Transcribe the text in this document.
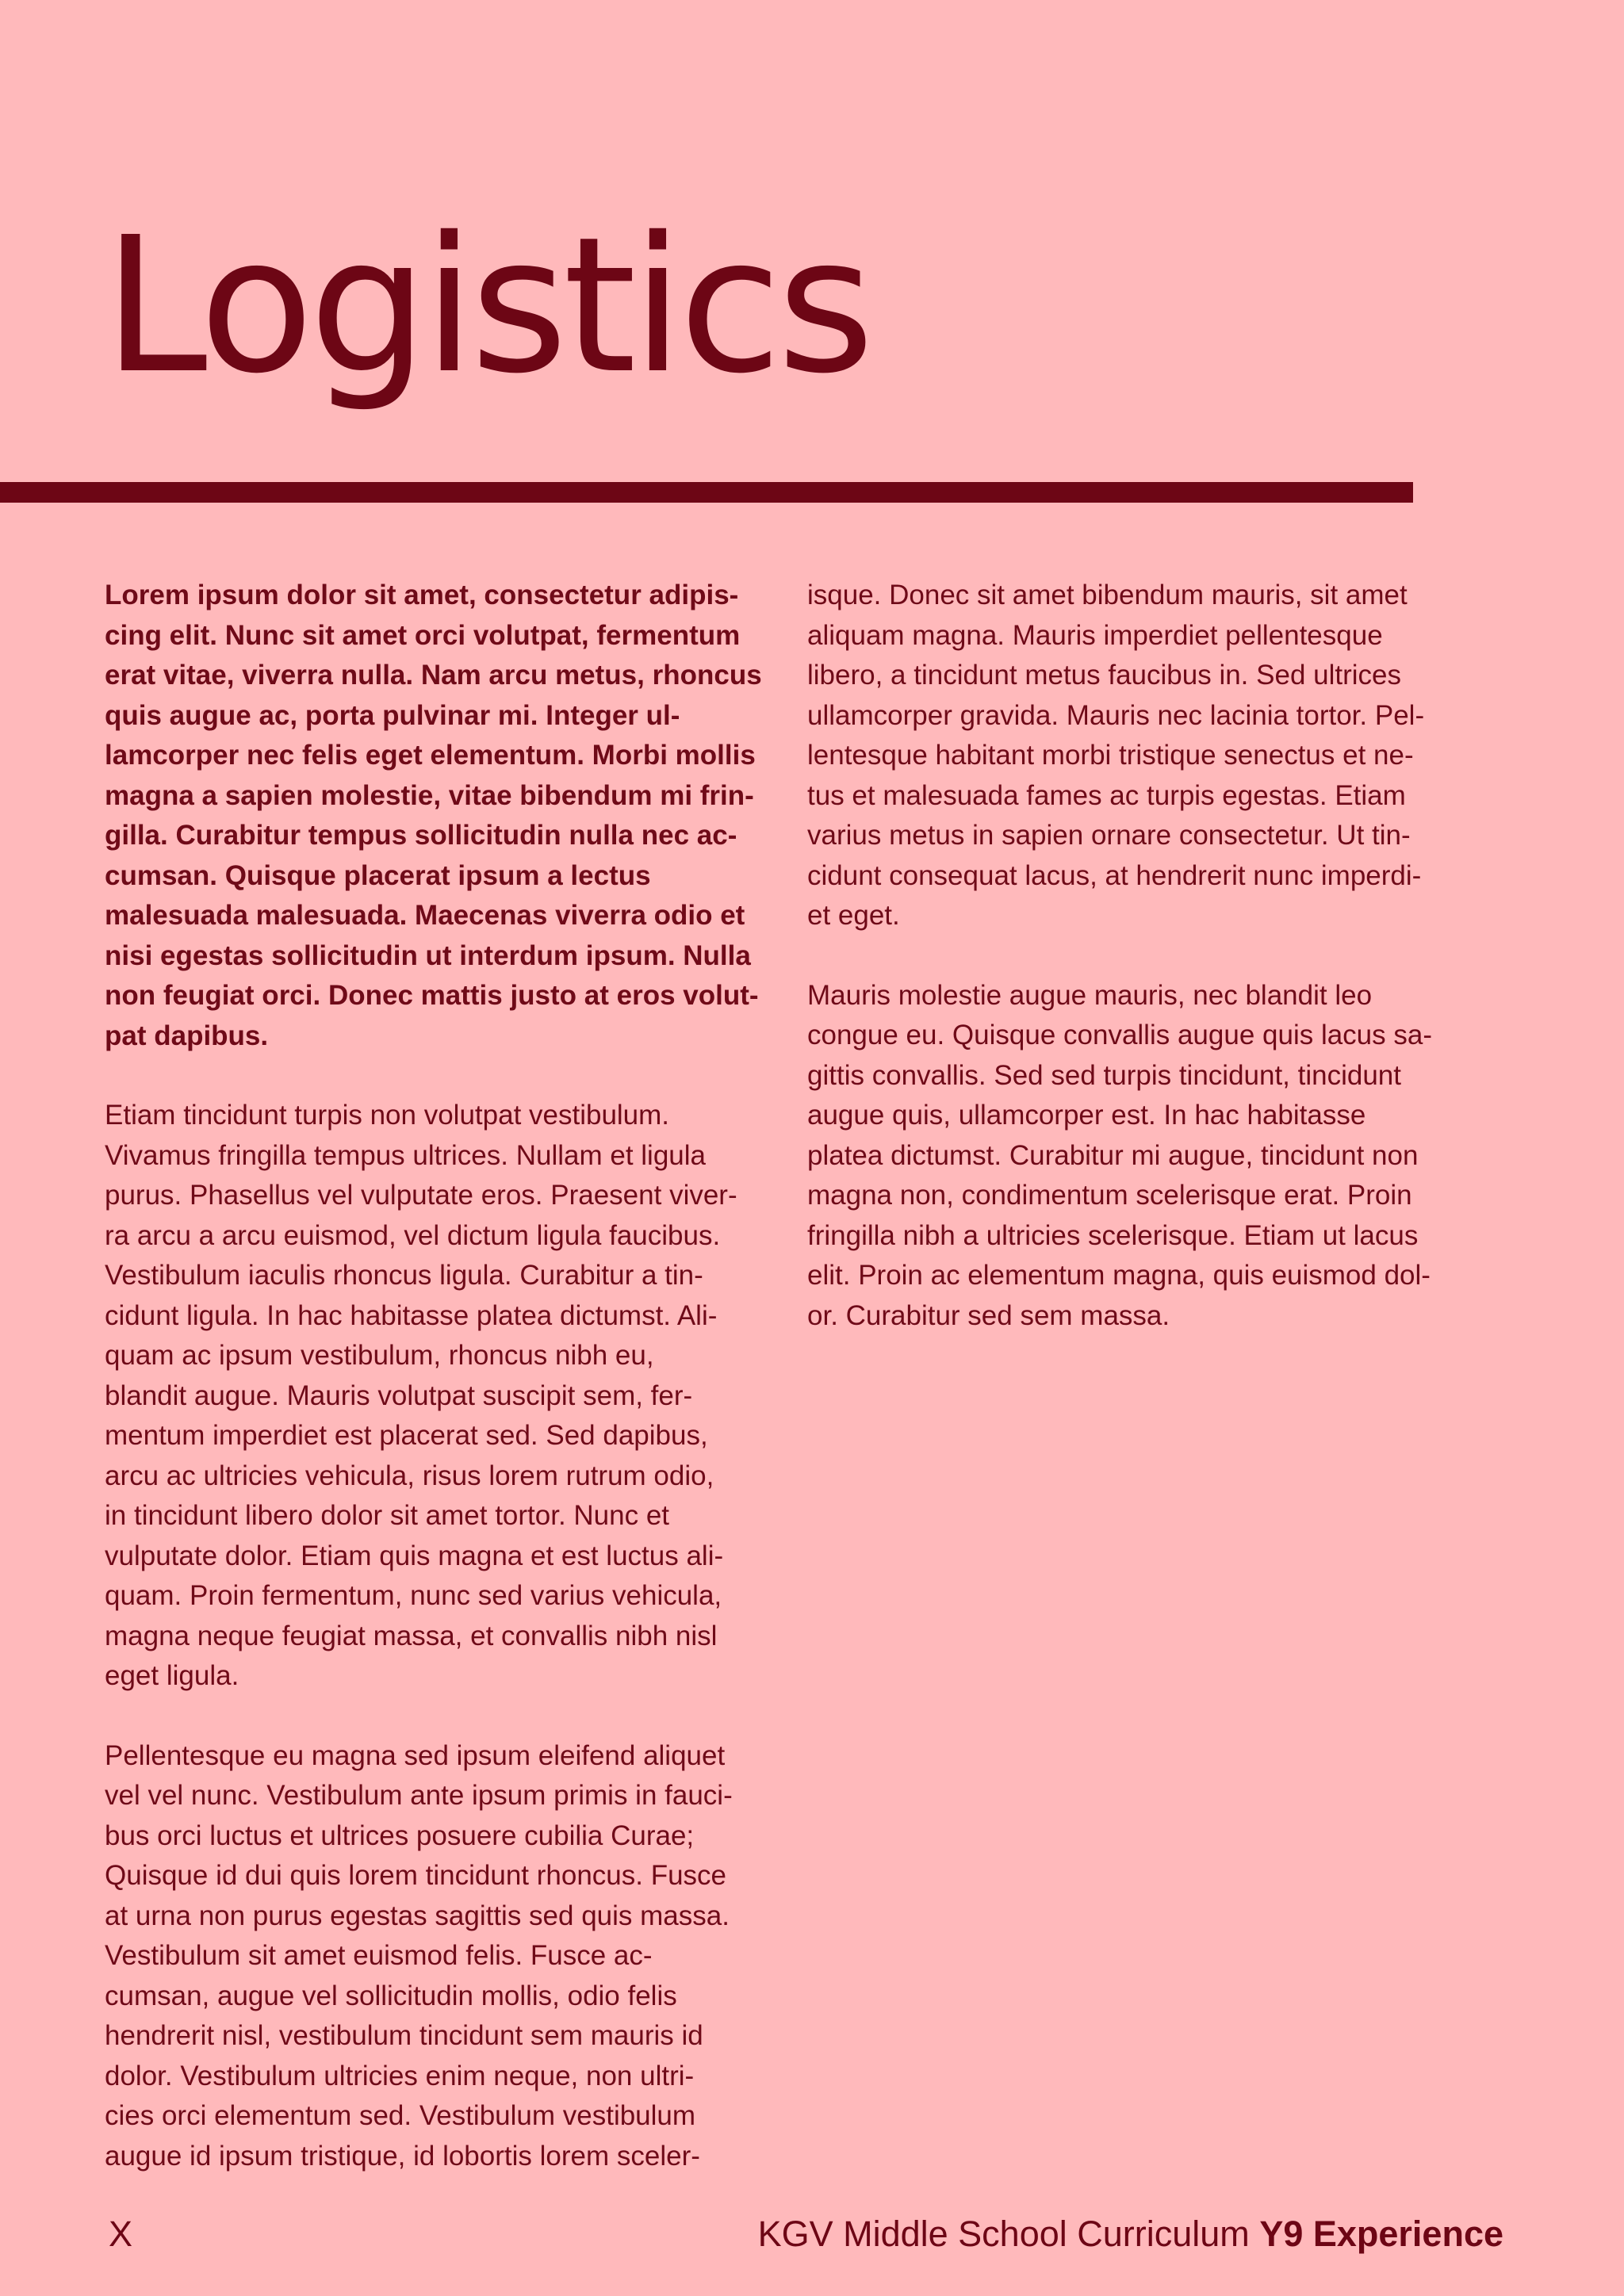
Logistics

Lorem ipsum dolor sit amet, consectetur adipis-
cing elit. Nunc sit amet orci volutpat, fermentum
erat vitae, viverra nulla. Nam arcu metus, rhoncus
quis augue ac, porta pulvinar mi. Integer ul-
lamcorper nec felis eget elementum. Morbi mollis
magna a sapien molestie, vitae bibendum mi frin-
gilla. Curabitur tempus sollicitudin nulla nec ac-
cumsan. Quisque placerat ipsum a lectus
malesuada malesuada. Maecenas viverra odio et
nisi egestas sollicitudin ut interdum ipsum. Nulla
non feugiat orci. Donec mattis justo at eros volut-
pat dapibus.

Etiam tincidunt turpis non volutpat vestibulum.
Vivamus fringilla tempus ultrices. Nullam et ligula
purus. Phasellus vel vulputate eros. Praesent viver-
ra arcu a arcu euismod, vel dictum ligula faucibus.
Vestibulum iaculis rhoncus ligula. Curabitur a tin-
cidunt ligula. In hac habitasse platea dictumst. Ali-
quam ac ipsum vestibulum, rhoncus nibh eu,
blandit augue. Mauris volutpat suscipit sem, fer-
mentum imperdiet est placerat sed. Sed dapibus,
arcu ac ultricies vehicula, risus lorem rutrum odio,
in tincidunt libero dolor sit amet tortor. Nunc et
vulputate dolor. Etiam quis magna et est luctus ali-
quam. Proin fermentum, nunc sed varius vehicula,
magna neque feugiat massa, et convallis nibh nisl
eget ligula.

Pellentesque eu magna sed ipsum eleifend aliquet
vel vel nunc. Vestibulum ante ipsum primis in fauci-
bus orci luctus et ultrices posuere cubilia Curae;
Quisque id dui quis lorem tincidunt rhoncus. Fusce
at urna non purus egestas sagittis sed quis massa.
Vestibulum sit amet euismod felis. Fusce ac-
cumsan, augue vel sollicitudin mollis, odio felis
hendrerit nisl, vestibulum tincidunt sem mauris id
dolor. Vestibulum ultricies enim neque, non ultri-
cies orci elementum sed. Vestibulum vestibulum
augue id ipsum tristique, id lobortis lorem sceler-

isque. Donec sit amet bibendum mauris, sit amet
aliquam magna. Mauris imperdiet pellentesque
libero, a tincidunt metus faucibus in. Sed ultrices
ullamcorper gravida. Mauris nec lacinia tortor. Pel-
lentesque habitant morbi tristique senectus et ne-
tus et malesuada fames ac turpis egestas. Etiam
varius metus in sapien ornare consectetur. Ut tin-
cidunt consequat lacus, at hendrerit nunc imperdi-
et eget.

Mauris molestie augue mauris, nec blandit leo
congue eu. Quisque convallis augue quis lacus sa-
gittis convallis. Sed sed turpis tincidunt, tincidunt
augue quis, ullamcorper est. In hac habitasse
platea dictumst. Curabitur mi augue, tincidunt non
magna non, condimentum scelerisque erat. Proin
fringilla nibh a ultricies scelerisque. Etiam ut lacus
elit. Proin ac elementum magna, quis euismod dol-
or. Curabitur sed sem massa.

X	KGV Middle School Curriculum Y9 Experience
